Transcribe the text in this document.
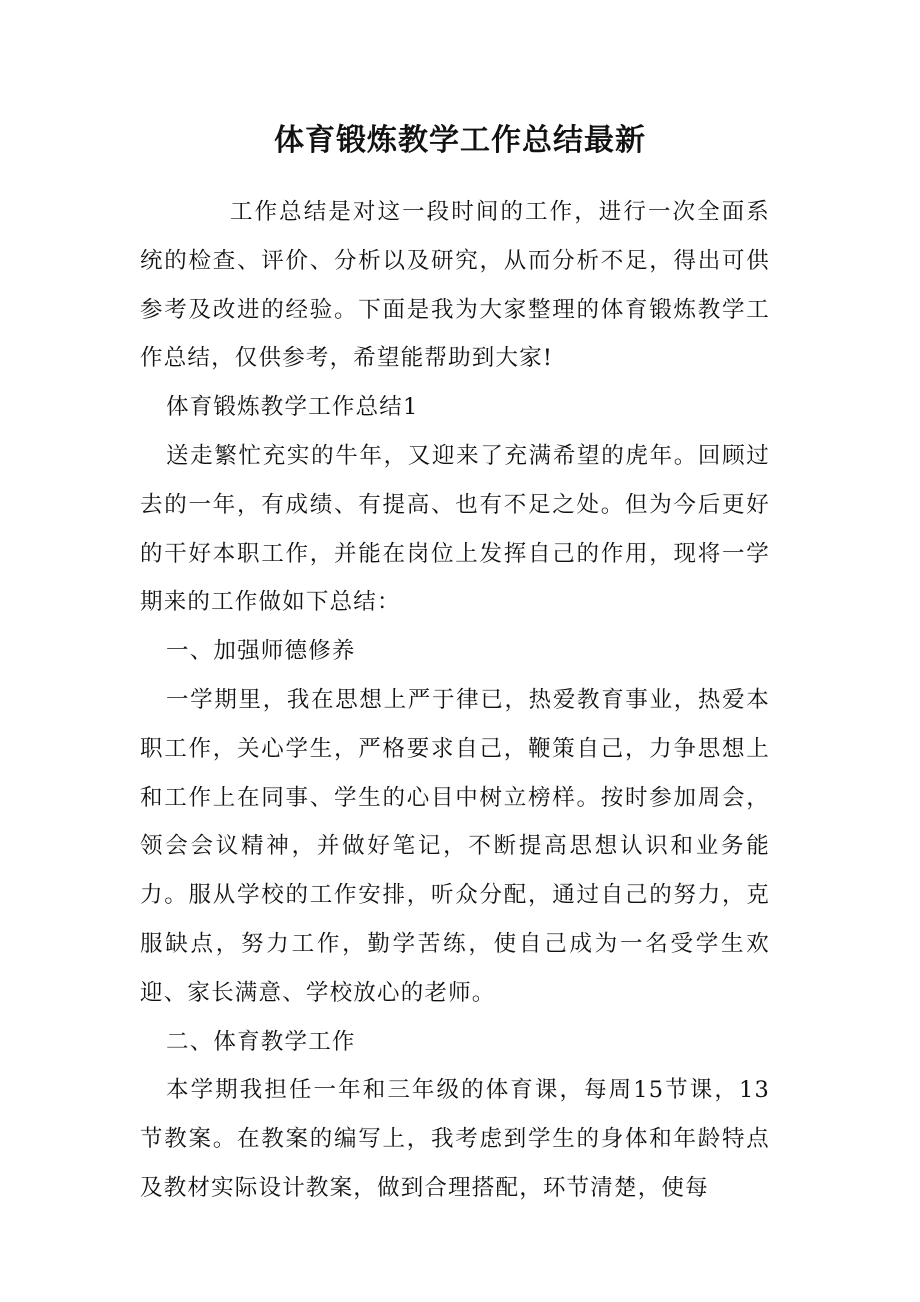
体育锻炼教学工作总结最新

工作总结是对这一段时间的工作，进行一次全面系统的检查、评价、分析以及研究，从而分析不足，得出可供参考及改进的经验。下面是我为大家整理的体育锻炼教学工作总结，仅供参考，希望能帮助到大家!

体育锻炼教学工作总结1

送走繁忙充实的牛年，又迎来了充满希望的虎年。回顾过去的一年，有成绩、有提高、也有不足之处。但为今后更好的干好本职工作，并能在岗位上发挥自己的作用，现将一学期来的工作做如下总结：

一、加强师德修养

一学期里，我在思想上严于律已，热爱教育事业，热爱本职工作，关心学生，严格要求自己，鞭策自己，力争思想上和工作上在同事、学生的心目中树立榜样。按时参加周会，领会会议精神，并做好笔记，不断提高思想认识和业务能力。服从学校的工作安排，听众分配，通过自己的努力，克服缺点，努力工作，勤学苦练，使自己成为一名受学生欢迎、家长满意、学校放心的老师。

二、体育教学工作

本学期我担任一年和三年级的体育课，每周15节课，13节教案。在教案的编写上，我考虑到学生的身体和年龄特点及教材实际设计教案，做到合理搭配，环节清楚，使每
